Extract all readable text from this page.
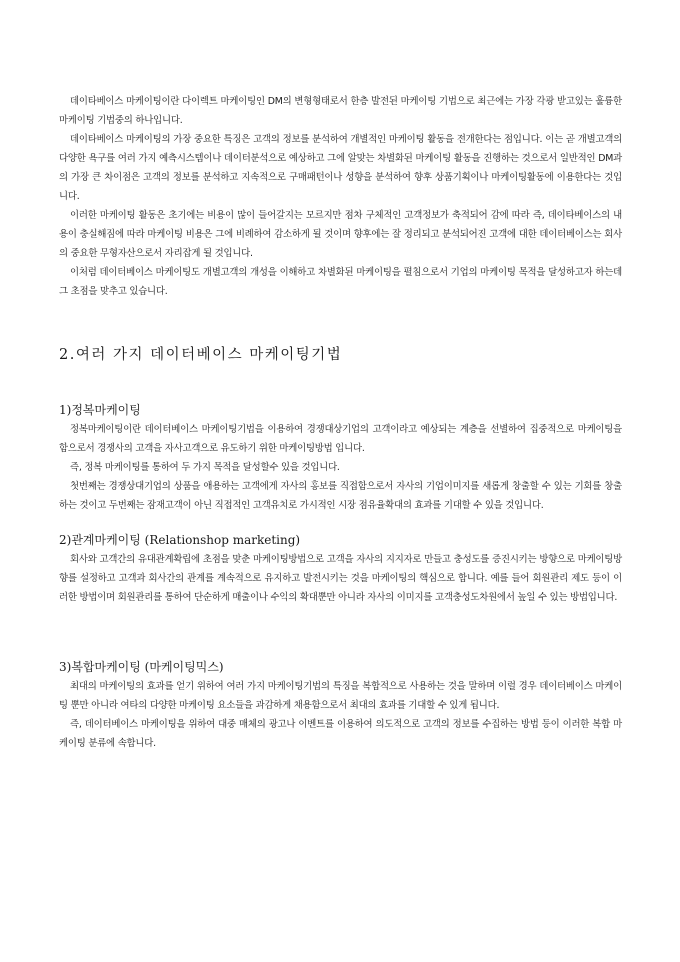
데이타베이스 마케이팅이란 다이렉트 마케이팅인 DM의 변형형태로서 한층 발전된 마케이팅 기법으로 최근에는 가장 각광 받고있는 훌륭한 마케이팅 기법중의 하나입니다.

데이타베이스 마케이팅의 가장 중요한 특징은 고객의 정보를 분석하여 개별적인 마케이팅 활동을 전개한다는 점입니다. 이는 곧 개별고객의 다양한 욕구를 여러 가지 예측시스템이나 데이터분석으로 예상하고 그에 알맞는 차별화된 마케이팅 활동을 진행하는 것으로서 일반적인 DM과의 가장 큰 차이점은 고객의 정보를 분석하고 지속적으로 구매패턴이나 성향을 분석하여 향후 상품기획이나 마케이팅활동에 이용한다는 것입니다.

이러한 마케이팅 활동은 초기에는 비용이 많이 들어갈지는 모르지만 점차 구체적인 고객정보가 축적되어 감에 따라 즉, 데이타베이스의 내용이 충실해짐에 따라 마케이팅 비용은 그에 비례하여 감소하게 될 것이며 향후에는 잘 정리되고 분석되어진 고객에 대한 데이터베이스는 회사의 중요한 무형자산으로서 자리잡게 될 것입니다.

이처럼 데이터베이스 마케이팅도 개별고객의 개성을 이해하고 차별화된 마케이팅을 펼침으로서 기업의 마케이팅 목적을 달성하고자 하는데 그 초점을 맞추고 있습니다.

2.여러 가지 데이터베이스 마케이팅기법
1)정복마케이팅

정복마케이팅이란 데이터베이스 마케이팅기법을 이용하여 경쟁대상기업의 고객이라고 예상되는 계층을 선별하여 집중적으로 마케이팅을 함으로서 경쟁사의 고객을 자사고객으로 유도하기 위한 마케이팅방법 입니다.

즉, 정복 마케이팅를 통하여 두 가지 목적을 달성할수 있을 것입니다.

첫번째는 경쟁상대기업의 상품을 애용하는 고객에게 자사의 홍보를 직접함으로서 자사의 기업이미지를 새롭게 창출할 수 있는 기회를 창출하는 것이고 두번째는 잠재고객이 아닌 직접적인 고객유치로 가시적인 시장 점유율확대의 효과를 기대할 수 있을 것입니다.

2)관계마케이팅 (Relationshop marketing)

회사와 고객간의 유대관계확립에 초점을 맞춘 마케이팅방법으로 고객을 자사의 지지자로 만들고 충성도를 증진시키는 방향으로 마케이팅방향를 설정하고 고객과 회사간의 관계를 계속적으로 유지하고 발전시키는 것을 마케이팅의 핵심으로 합니다. 예를 들어 회원관리 제도 등이 이러한 방법이며 회원관리를 통하여 단순하게 매출이나 수익의 확대뿐만 아니라 자사의 이미지를 고객충성도차원에서 높일 수 있는 방법입니다.

3)복합마케이팅 (마케이팅믹스)

최대의 마케이팅의 효과를 얻기 위하여 여러 가지 마케이팅기법의 특징을 복합적으로 사용하는 것을 말하며 이럴 경우 데이터베이스 마케이팅 뿐만 아니라 여타의 다양한 마케이팅 요소들을 과감하게 채용함으로서 최대의 효과를 기대할 수 있게 됩니다.

즉, 데이터베이스 마케이팅을 위하여 대중 매체의 광고나 이벤트를 이용하여 의도적으로 고객의 정보를 수집하는 방법 등이 이러한 복합 마케이팅 분류에 속합니다.
